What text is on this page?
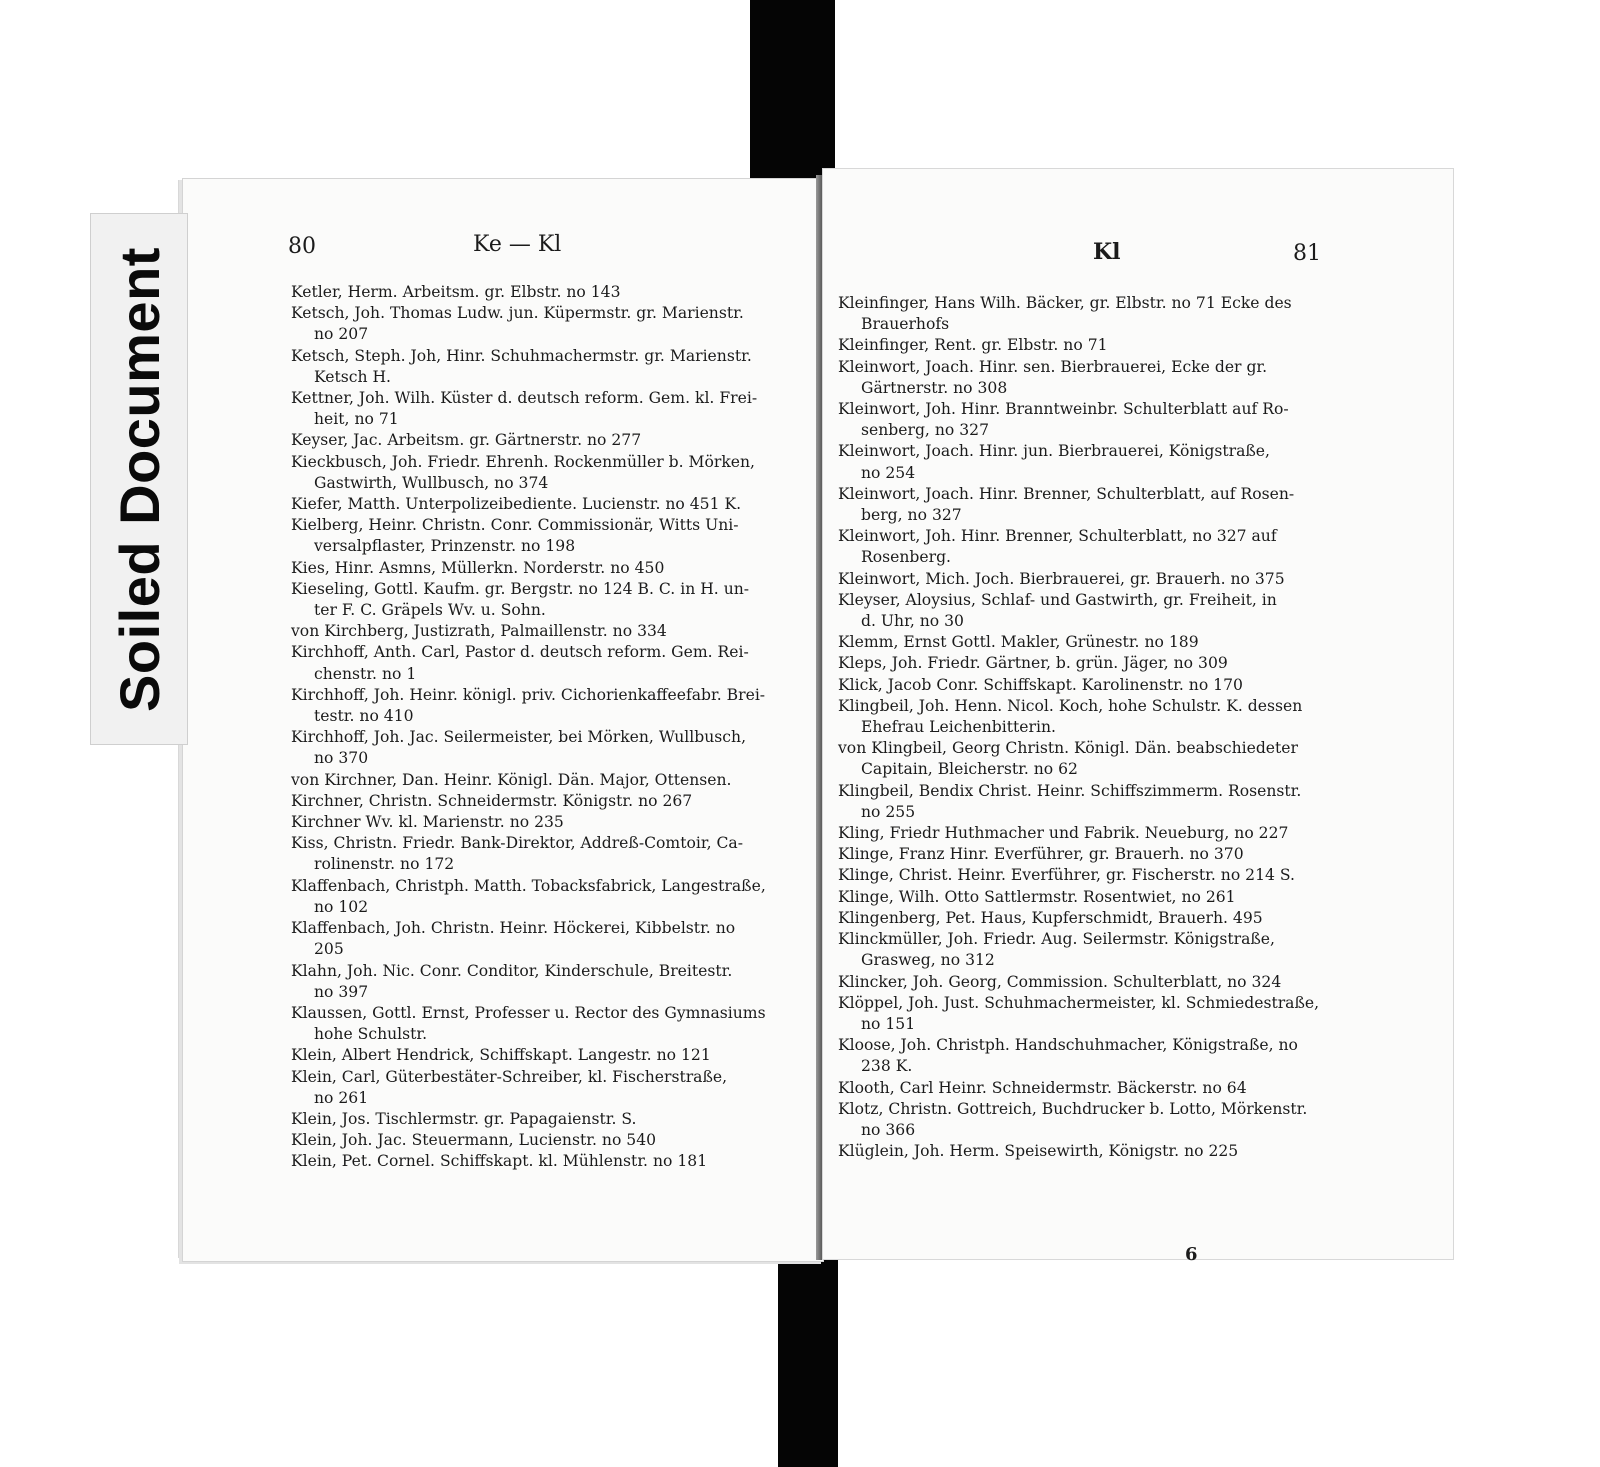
80	Ke — Kl
Ketler, Herm. Arbeitsm. gr. Elbstr. no 143
Ketsch, Joh. Thomas Ludw. jun. Küpermstr. gr. Marienstr.
no 207
Ketsch, Steph. Joh, Hinr. Schuhmachermstr. gr. Marienstr.
Ketsch H.
Kettner, Joh. Wilh. Küster d. deutsch reform. Gem. kl. Frei-
heit, no 71
Keyser, Jac. Arbeitsm. gr. Gärtnerstr. no 277
Kieckbusch, Joh. Friedr. Ehrenh. Rockenmüller b. Mörken,
Gastwirth, Wullbusch, no 374
Kiefer, Matth. Unterpolizeibediente. Lucienstr. no 451 K.
Kielberg, Heinr. Christn. Conr. Commissionär, Witts Uni-
versalpflaster, Prinzenstr. no 198
Kies, Hinr. Asmns, Müllerkn. Norderstr. no 450
Kieseling, Gottl. Kaufm. gr. Bergstr. no 124 B. C. in H. un-
ter F. C. Gräpels Wv. u. Sohn.
von Kirchberg, Justizrath, Palmaillenstr. no 334
Kirchhoff, Anth. Carl, Pastor d. deutsch reform. Gem. Rei-
chenstr. no 1
Kirchhoff, Joh. Heinr. königl. priv. Cichorienkaffeefabr. Brei-
testr. no 410
Kirchhoff, Joh. Jac. Seilermeister, bei Mörken, Wullbusch,
no 370
von Kirchner, Dan. Heinr. Königl. Dän. Major, Ottensen.
Kirchner, Christn. Schneidermstr. Königstr. no 267
Kirchner Wv. kl. Marienstr. no 235
Kiss, Christn. Friedr. Bank-Direktor, Addreß-Comtoir, Ca-
rolinenstr. no 172
Klaffenbach, Christph. Matth. Tobacksfabrick, Langestraße,
no 102
Klaffenbach, Joh. Christn. Heinr. Höckerei, Kibbelstr. no
205
Klahn, Joh. Nic. Conr. Conditor, Kinderschule, Breitestr.
no 397
Klaussen, Gottl. Ernst, Professer u. Rector des Gymnasiums
hohe Schulstr.
Klein, Albert Hendrick, Schiffskapt. Langestr. no 121
Klein, Carl, Güterbestäter-Schreiber, kl. Fischerstraße,
no 261
Klein, Jos. Tischlermstr. gr. Papagaienstr. S.
Klein, Joh. Jac. Steuermann, Lucienstr. no 540
Klein, Pet. Cornel. Schiffskapt. kl. Mühlenstr. no 181
Kl	81
Kleinfinger, Hans Wilh. Bäcker, gr. Elbstr. no 71 Ecke des
Brauerhofs
Kleinfinger, Rent. gr. Elbstr. no 71
Kleinwort, Joach. Hinr. sen. Bierbrauerei, Ecke der gr.
Gärtnerstr. no 308
Kleinwort, Joh. Hinr. Branntweinbr. Schulterblatt auf Ro-
senberg, no 327
Kleinwort, Joach. Hinr. jun. Bierbrauerei, Königstraße,
no 254
Kleinwort, Joach. Hinr. Brenner, Schulterblatt, auf Rosen-
berg, no 327
Kleinwort, Joh. Hinr. Brenner, Schulterblatt, no 327 auf
Rosenberg.
Kleinwort, Mich. Joch. Bierbrauerei, gr. Brauerh. no 375
Kleyser, Aloysius, Schlaf- und Gastwirth, gr. Freiheit, in
d. Uhr, no 30
Klemm, Ernst Gottl. Makler, Grünestr. no 189
Kleps, Joh. Friedr. Gärtner, b. grün. Jäger, no 309
Klick, Jacob Conr. Schiffskapt. Karolinenstr. no 170
Klingbeil, Joh. Henn. Nicol. Koch, hohe Schulstr. K. dessen
Ehefrau Leichenbitterin.
von Klingbeil, Georg Christn. Königl. Dän. beabschiedeter
Capitain, Bleicherstr. no 62
Klingbeil, Bendix Christ. Heinr. Schiffszimmerm. Rosenstr.
no 255
Kling, Friedr Huthmacher und Fabrik. Neueburg, no 227
Klinge, Franz Hinr. Everführer, gr. Brauerh. no 370
Klinge, Christ. Heinr. Everführer, gr. Fischerstr. no 214 S.
Klinge, Wilh. Otto Sattlermstr. Rosentwiet, no 261
Klingenberg, Pet. Haus, Kupferschmidt, Brauerh. 495
Klinckmüller, Joh. Friedr. Aug. Seilermstr. Königstraße,
Grasweg, no 312
Klincker, Joh. Georg, Commission. Schulterblatt, no 324
Klöppel, Joh. Just. Schuhmachermeister, kl. Schmiedestraße,
no 151
Kloose, Joh. Christph. Handschuhmacher, Königstraße, no
238 K.
Klooth, Carl Heinr. Schneidermstr. Bäckerstr. no 64
Klotz, Christn. Gottreich, Buchdrucker b. Lotto, Mörkenstr.
no 366
Klüglein, Joh. Herm. Speisewirth, Königstr. no 225
6
Soiled Document
